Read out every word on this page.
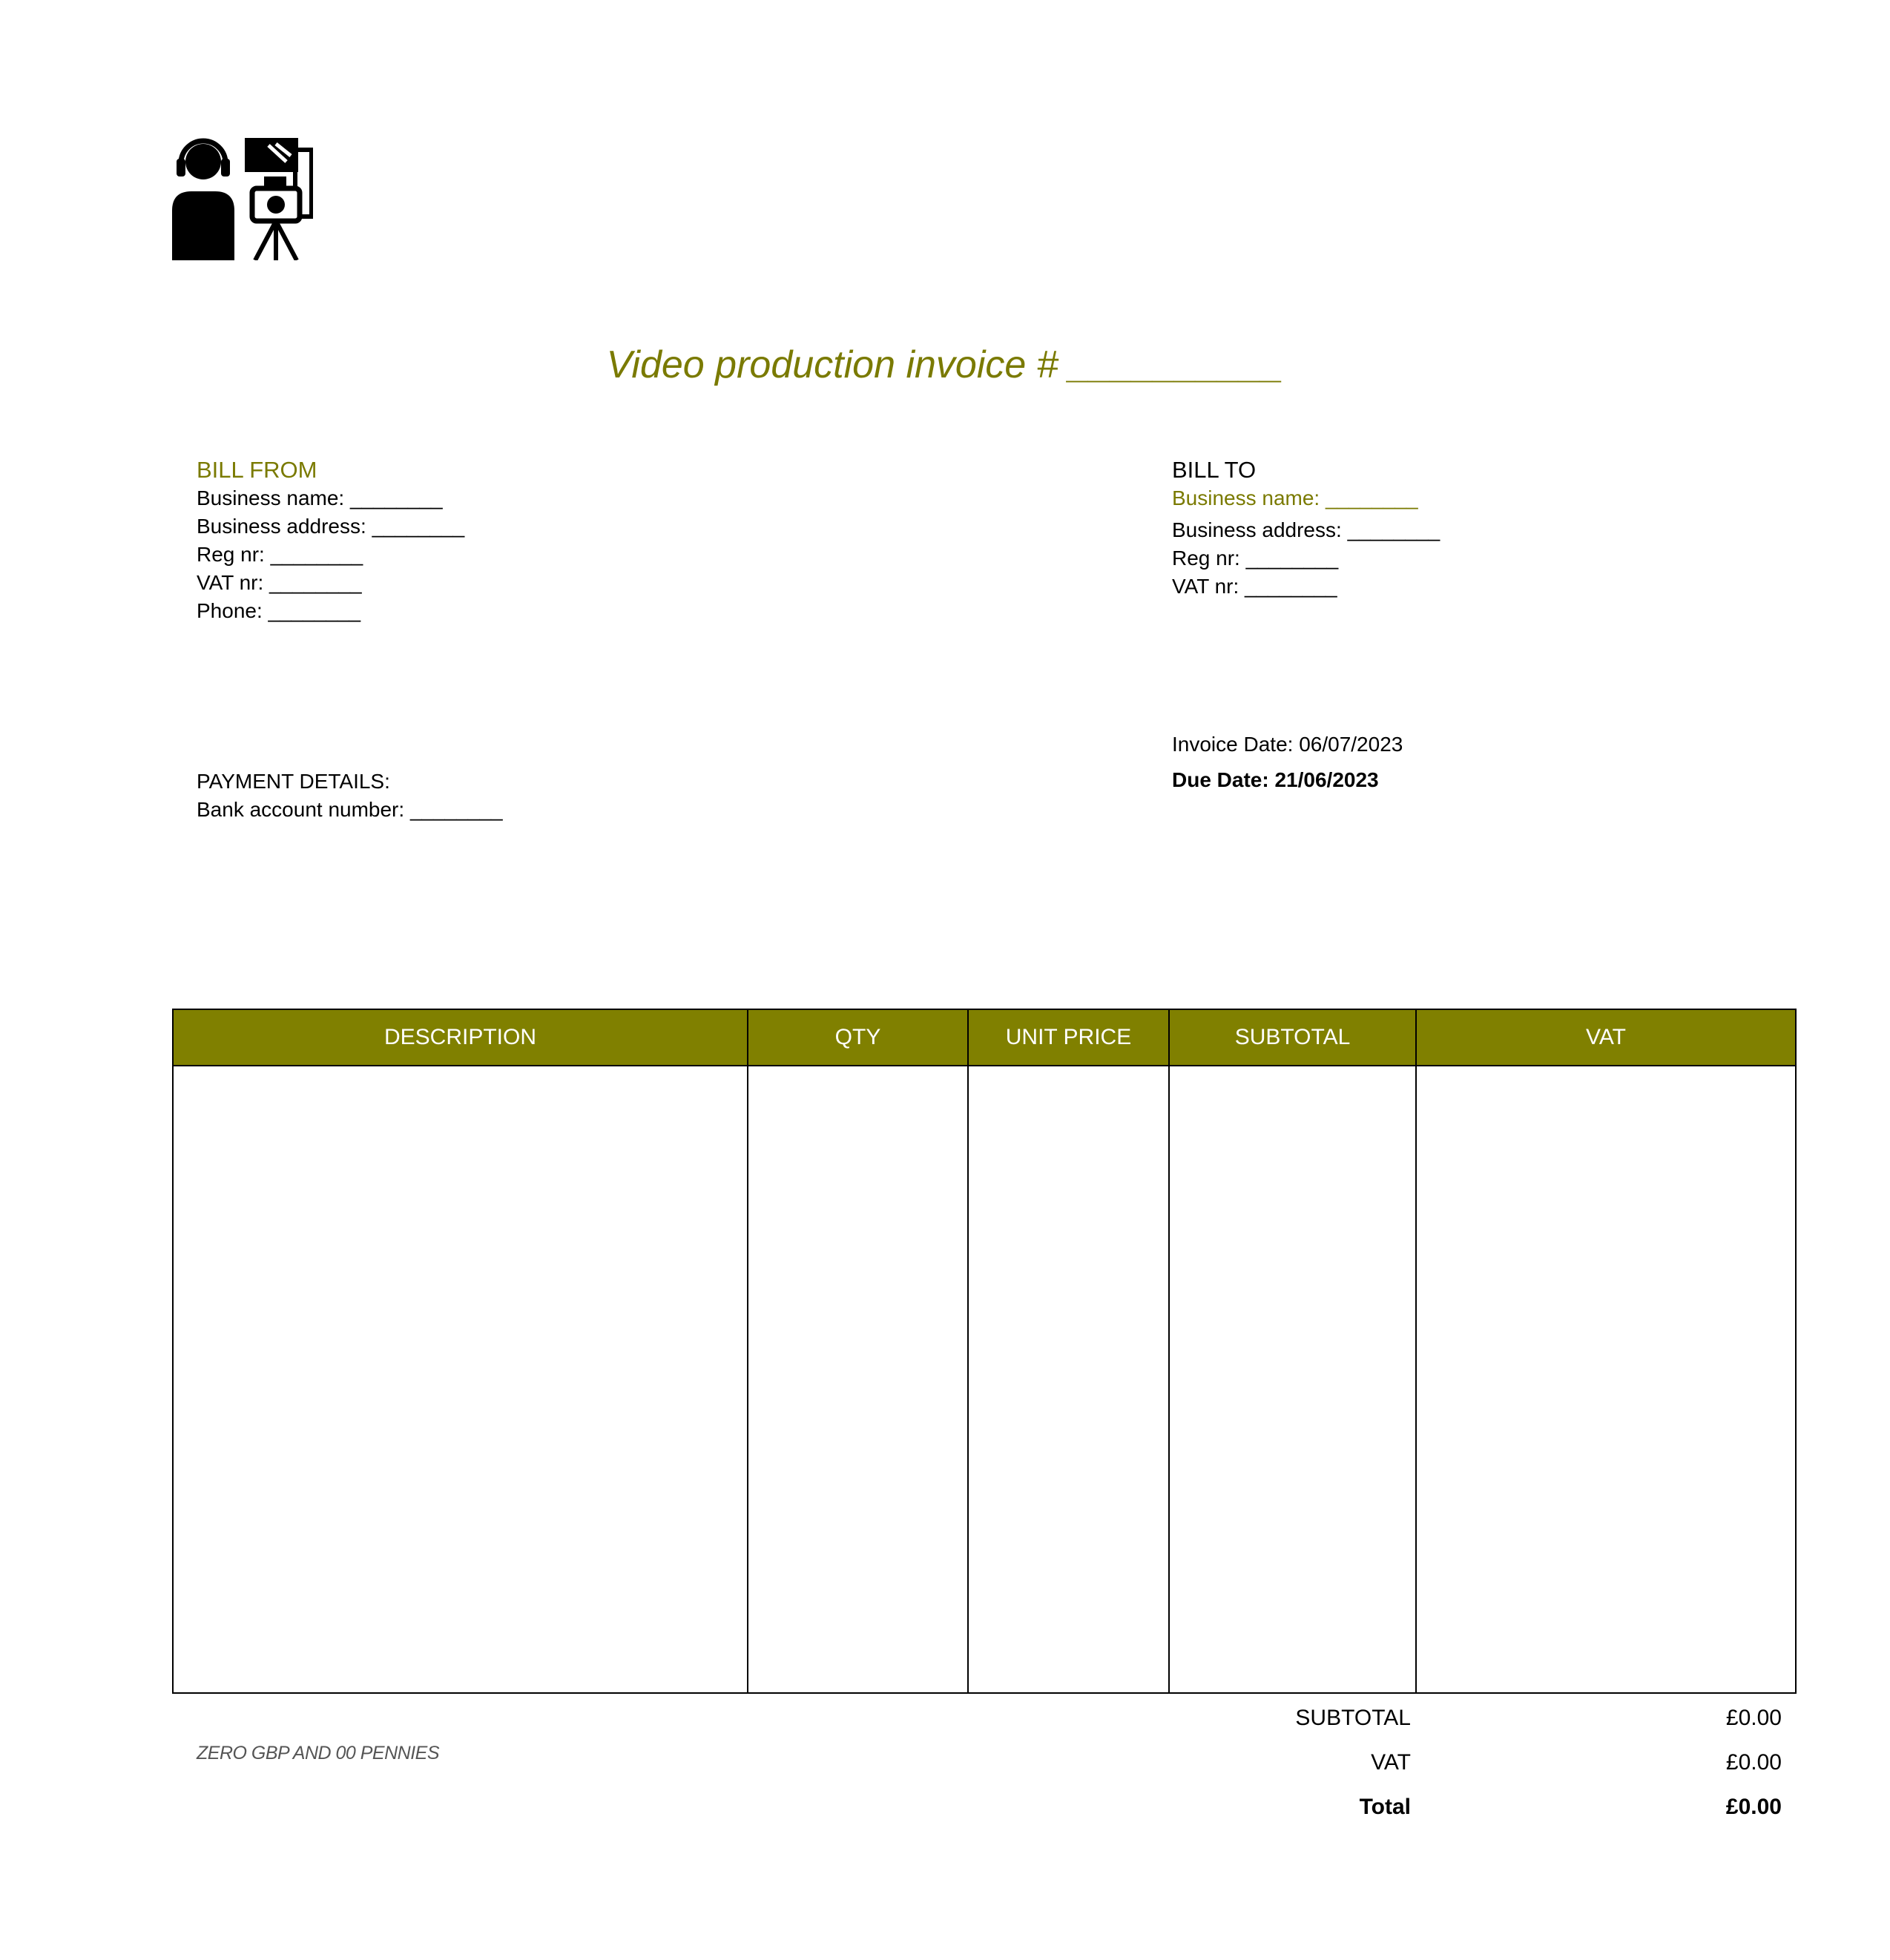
Video production invoice # __________
BILL FROM
Business name: ________
Business address: ________
Reg nr: ________
VAT nr: ________
Phone: ________
BILL TO
Business name: ________
Business address: ________
Reg nr: ________
VAT nr: ________
PAYMENT DETAILS:
Bank account number: ________
Invoice Date: 06/07/2023
Due Date: 21/06/2023
DESCRIPTION	QTY	UNIT PRICE	SUBTOTAL	VAT

ZERO GBP AND 00 PENNIES
SUBTOTAL	£0.00
VAT	£0.00
Total	£0.00
